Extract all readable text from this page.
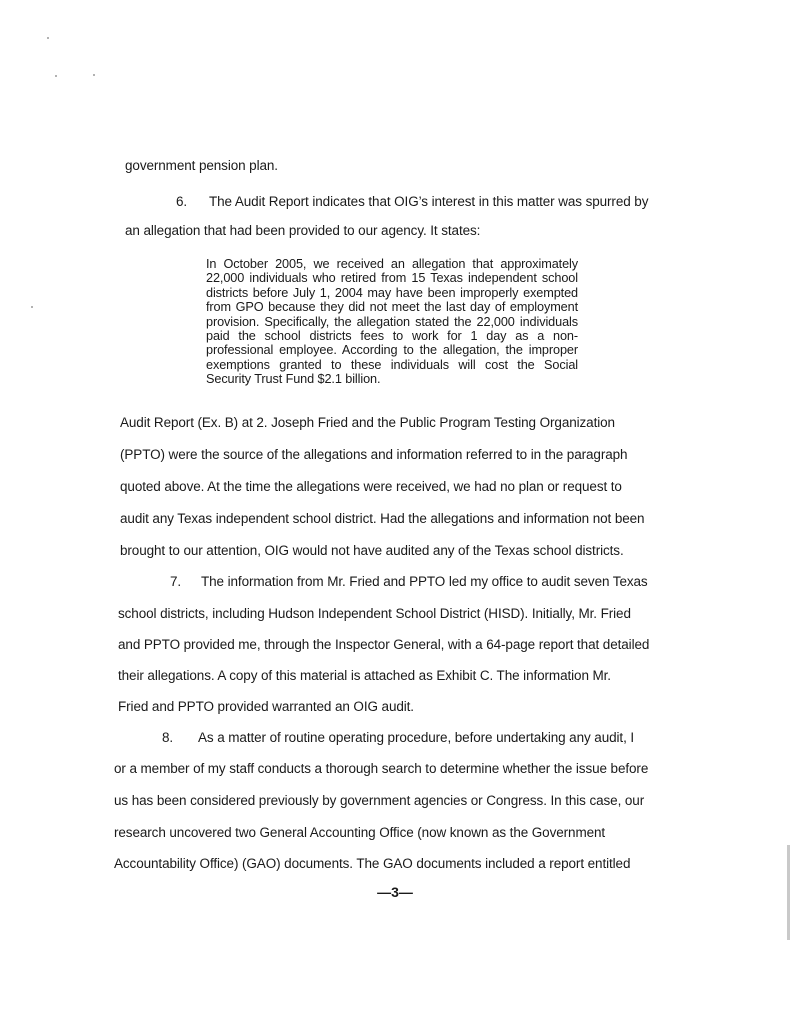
government pension plan.
6. The Audit Report indicates that OIG’s interest in this matter was spurred by
an allegation that had been provided to our agency. It states:
In October 2005, we received an allegation that approximately 22,000 individuals who retired from 15 Texas independent school districts before July 1, 2004 may have been improperly exempted from GPO because they did not meet the last day of employment provision. Specifically, the allegation stated the 22,000 individuals paid the school districts fees to work for 1 day as a non-professional employee. According to the allegation, the improper exemptions granted to these individuals will cost the Social Security Trust Fund $2.1 billion.
Audit Report (Ex. B) at 2. Joseph Fried and the Public Program Testing Organization
(PPTO) were the source of the allegations and information referred to in the paragraph
quoted above. At the time the allegations were received, we had no plan or request to
audit any Texas independent school district. Had the allegations and information not been
brought to our attention, OIG would not have audited any of the Texas school districts.
7. The information from Mr. Fried and PPTO led my office to audit seven Texas
school districts, including Hudson Independent School District (HISD). Initially, Mr. Fried
and PPTO provided me, through the Inspector General, with a 64-page report that detailed
their allegations. A copy of this material is attached as Exhibit C. The information Mr.
Fried and PPTO provided warranted an OIG audit.
8. As a matter of routine operating procedure, before undertaking any audit, I
or a member of my staff conducts a thorough search to determine whether the issue before
us has been considered previously by government agencies or Congress. In this case, our
research uncovered two General Accounting Office (now known as the Government
Accountability Office) (GAO) documents. The GAO documents included a report entitled
—3—
